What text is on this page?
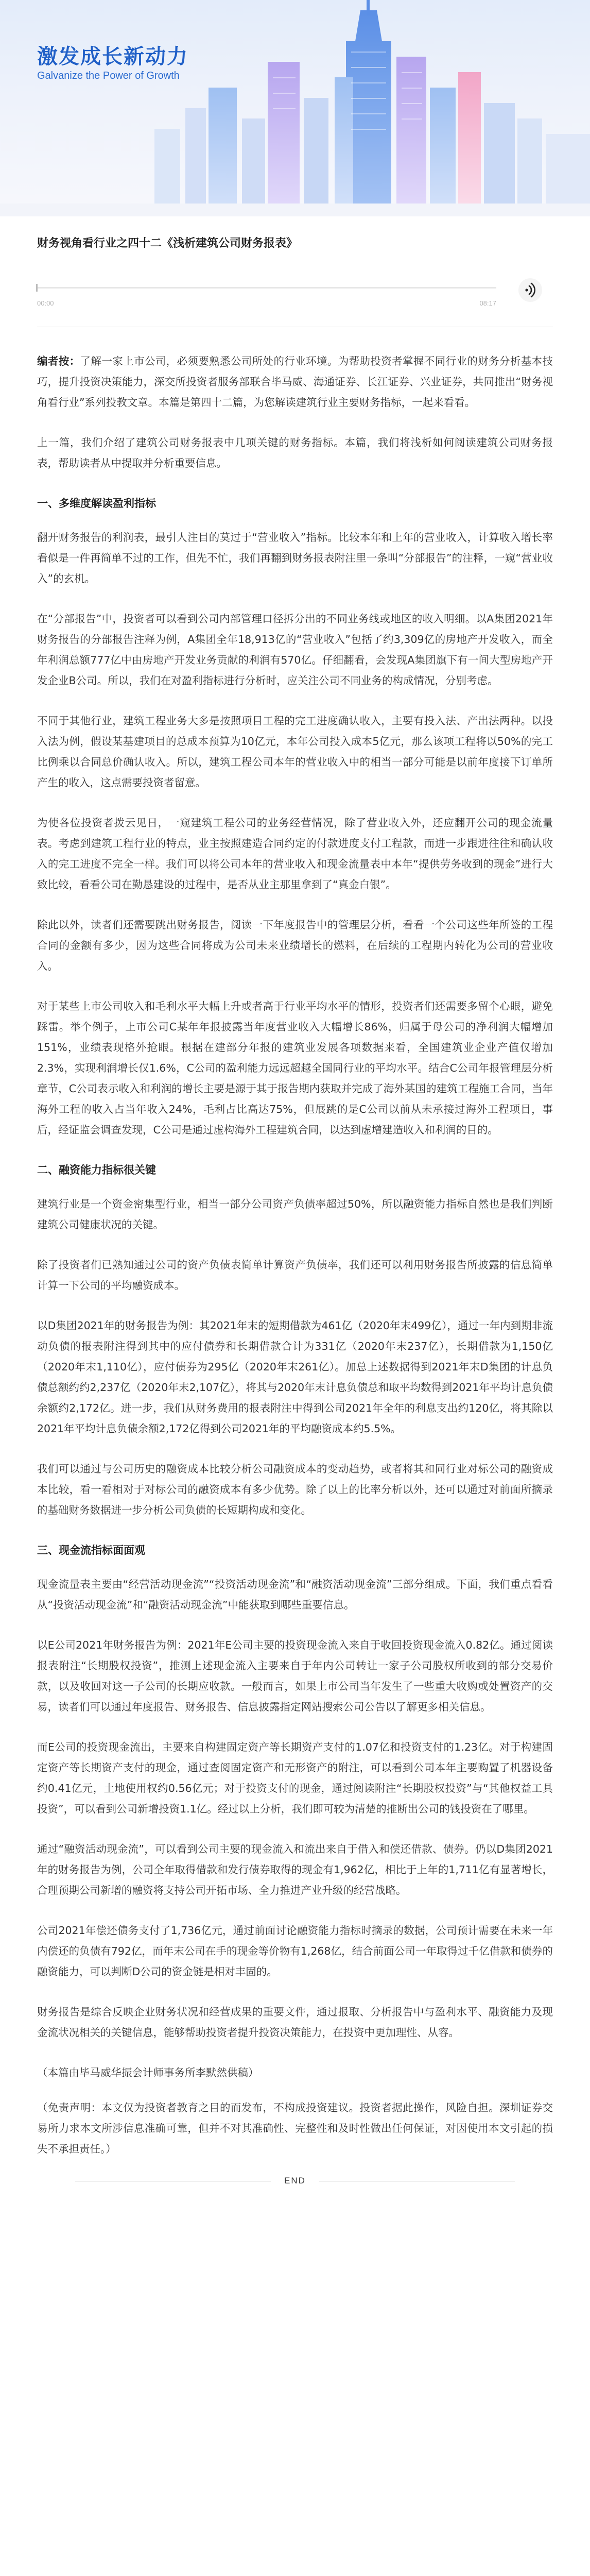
激发成长新动力
Galvanize the Power of Growth
财务视角看行业之四十二《浅析建筑公司财务报表》
00:00	08:17

编者按：了解一家上市公司，必须要熟悉公司所处的行业环境。为帮助投资者掌握不同行业的财务分析基本技巧，提升投资决策能力，深交所投资者服务部联合毕马威、海通证券、长江证券、兴业证券，共同推出“财务视角看行业”系列投教文章。本篇是第四十二篇，为您解读建筑行业主要财务指标，一起来看看。

上一篇，我们介绍了建筑公司财务报表中几项关键的财务指标。本篇，我们将浅析如何阅读建筑公司财务报表，帮助读者从中提取并分析重要信息。

一、多维度解读盈利指标

翻开财务报告的利润表，最引人注目的莫过于“营业收入”指标。比较本年和上年的营业收入，计算收入增长率看似是一件再简单不过的工作，但先不忙，我们再翻到财务报表附注里一条叫“分部报告”的注释，一窥“营业收入”的玄机。

在“分部报告”中，投资者可以看到公司内部管理口径拆分出的不同业务线或地区的收入明细。以A集团2021年财务报告的分部报告注释为例，A集团全年18,913亿的“营业收入”包括了约3,309亿的房地产开发收入，而全年利润总额777亿中由房地产开发业务贡献的利润有570亿。仔细翻看，会发现A集团旗下有一间大型房地产开发企业B公司。所以，我们在对盈利指标进行分析时，应关注公司不同业务的构成情况，分别考虑。

不同于其他行业，建筑工程业务大多是按照项目工程的完工进度确认收入，主要有投入法、产出法两种。以投入法为例，假设某基建项目的总成本预算为10亿元，本年公司投入成本5亿元，那么该项工程将以50%的完工比例乘以合同总价确认收入。所以，建筑工程公司本年的营业收入中的相当一部分可能是以前年度接下订单所产生的收入，这点需要投资者留意。

为使各位投资者拨云见日，一窥建筑工程公司的业务经营情况，除了营业收入外，还应翻开公司的现金流量表。考虑到建筑工程行业的特点，业主按照建造合同约定的付款进度支付工程款，而进一步跟进往往和确认收入的完工进度不完全一样。我们可以将公司本年的营业收入和现金流量表中本年“提供劳务收到的现金”进行大致比较，看看公司在勤恳建设的过程中，是否从业主那里拿到了“真金白银”。

除此以外，读者们还需要跳出财务报告，阅读一下年度报告中的管理层分析，看看一个公司这些年所签的工程合同的金额有多少，因为这些合同将成为公司未来业绩增长的燃料，在后续的工程期内转化为公司的营业收入。

对于某些上市公司收入和毛利水平大幅上升或者高于行业平均水平的情形，投资者们还需要多留个心眼，避免踩雷。举个例子，上市公司C某年年报披露当年度营业收入大幅增长86%，归属于母公司的净利润大幅增加151%，业绩表现格外抢眼。根据在建部分年报的建筑业发展各项数据来看，全国建筑业企业产值仅增加2.3%，实现利润增长仅1.6%，C公司的盈利能力远远超越全国同行业的平均水平。结合C公司年报管理层分析章节，C公司表示收入和利润的增长主要是源于其于报告期内获取并完成了海外某国的建筑工程施工合同，当年海外工程的收入占当年收入24%，毛利占比高达75%，但展跳的是C公司以前从未承接过海外工程项目，事后，经证监会调查发现，C公司是通过虚构海外工程建筑合同，以达到虚增建造收入和利润的目的。

二、融资能力指标很关键

建筑行业是一个资金密集型行业，相当一部分公司资产负债率超过50%，所以融资能力指标自然也是我们判断建筑公司健康状况的关键。

除了投资者们已熟知通过公司的资产负债表简单计算资产负债率，我们还可以利用财务报告所披露的信息简单计算一下公司的平均融资成本。

以D集团2021年的财务报告为例：其2021年末的短期借款为461亿（2020年末499亿），通过一年内到期非流动负债的报表附注得到其中的应付债券和长期借款合计为331亿（2020年末237亿），长期借款为1,150亿（2020年末1,110亿），应付债券为295亿（2020年末261亿）。加总上述数据得到2021年末D集团的计息负债总额约约2,237亿（2020年末2,107亿），将其与2020年末计息负债总和取平均数得到2021年平均计息负债余额约2,172亿。进一步，我们从财务费用的报表附注中得到公司2021年全年的利息支出约120亿，将其除以2021年平均计息负债余额2,172亿得到公司2021年的平均融资成本约5.5%。

我们可以通过与公司历史的融资成本比较分析公司融资成本的变动趋势，或者将其和同行业对标公司的融资成本比较，看一看相对于对标公司的融资成本有多少优势。除了以上的比率分析以外，还可以通过对前面所摘录的基础财务数据进一步分析公司负债的长短期构成和变化。

三、现金流指标面面观

现金流量表主要由“经营活动现金流”“投资活动现金流”和“融资活动现金流”三部分组成。下面，我们重点看看从“投资活动现金流”和“融资活动现金流”中能获取到哪些重要信息。

以E公司2021年财务报告为例：2021年E公司主要的投资现金流入来自于收回投资现金流入0.82亿。通过阅读报表附注“长期股权投资”，推测上述现金流入主要来自于年内公司转让一家子公司股权所收到的部分交易价款，以及收回对这一子公司的长期应收款。一般而言，如果上市公司当年发生了一些重大收购或处置资产的交易，读者们可以通过年度报告、财务报告、信息披露指定网站搜索公司公告以了解更多相关信息。

而E公司的投资现金流出，主要来自构建固定资产等长期资产支付的1.07亿和投资支付的1.23亿。对于构建固定资产等长期资产支付的现金，通过查阅固定资产和无形资产的附注，可以看到公司本年主要购置了机器设备约0.41亿元，土地使用权约0.56亿元；对于投资支付的现金，通过阅读附注“长期股权投资”与“其他权益工具投资”，可以看到公司新增投资1.1亿。经过以上分析，我们即可较为清楚的推断出公司的钱投资在了哪里。

通过“融资活动现金流”，可以看到公司主要的现金流入和流出来自于借入和偿还借款、债券。仍以D集团2021年的财务报告为例，公司全年取得借款和发行债券取得的现金有1,962亿，相比于上年的1,711亿有显著增长，合理预期公司新增的融资将支持公司开拓市场、全力推进产业升级的经营战略。

公司2021年偿还债务支付了1,736亿元，通过前面讨论融资能力指标时摘录的数据，公司预计需要在未来一年内偿还的负债有792亿，而年末公司在手的现金等价物有1,268亿，结合前面公司一年取得过千亿借款和债券的融资能力，可以判断D公司的资金链是相对丰固的。

财务报告是综合反映企业财务状况和经营成果的重要文件，通过报取、分析报告中与盈利水平、融资能力及现金流状况相关的关键信息，能够帮助投资者提升投资决策能力，在投资中更加理性、从容。

（本篇由毕马威华振会计师事务所李默然供稿）

（免责声明：本文仅为投资者教育之目的而发布，不构成投资建议。投资者据此操作，风险自担。深圳证券交易所力求本文所涉信息准确可靠，但并不对其准确性、完整性和及时性做出任何保证，对因使用本文引起的损失不承担责任。）

END
